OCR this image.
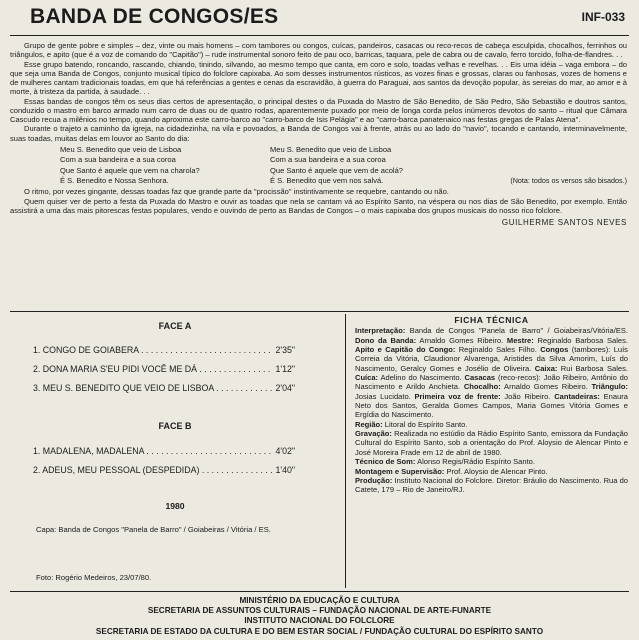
BANDA DE CONGOS/ES	INF-033

Grupo de gente pobre e simples – dez, vinte ou mais homens – com tambores ou congos, cuícas, pandeiros, casacas ou reco-recos de cabeça esculpida, chocalhos, ferrinhos ou triângulos, e apito (que é a voz de comando do "Capitão") – rude instrumental sonoro feito de pau oco, barricas, taquara, pele de cabra ou de cavalo, ferro torcido, folha-de-flandres. . .

Esse grupo batendo, roncando, rascando, chiando, tinindo, silvando, ao mesmo tempo que canta, em coro e solo, toadas velhas e revelhas. . . Eis uma idéia – vaga embora – do que seja uma Banda de Congos, conjunto musical típico do folclore capixaba. Ao som desses instrumentos rústicos, as vozes finas e grossas, claras ou fanhosas, vozes de homens e de mulheres cantam tradicionais toadas, em que há referências a gentes e cenas da escravidão, à guerra do Paraguai, aos santos da devoção popular, às sereias do mar, ao amor e à morte, à tristeza da partida, à saudade. . .

Essas bandas de congos têm os seus dias certos de apresentação, o principal destes o da Puxada do Mastro de São Benedito, de São Pedro, São Sebastião e doutros santos, conduzido o mastro em barco armado num carro de duas ou de quatro rodas, aparentemente puxado por meio de longa corda pelos inúmeros devotos do santo – ritual que Câmara Cascudo recua a milênios no tempo, quando aproxima este carro-barco ao "carro-barco de Isis Pelágia" e ao "carro-barca panatenaico nas festas gregas de Palas Atena".

Durante o trajeto a caminho da igreja, na cidadezinha, na vila e povoados, a Banda de Congos vai à frente, atrás ou ao lado do "navio", tocando e cantando, interminavelmente, suas toadas, muitas delas em louvor ao Santo do dia:

Meu S. Benedito que veio de Lisboa
Com a sua bandeira e a sua coroa
Que Santo é aquele que vem na charola?
É S. Benedito e Nossa Senhora.
Meu S. Benedito que veio de Lisboa
Com a sua bandeira e a sua coroa
Que Santo é aquele que vem de acolá?
É S. Benedito que vem nos salvá.	(Nota: todos os versos são bisados.)

O ritmo, por vezes gingante, dessas toadas faz que grande parte da "procissão" instintivamente se requebre, cantando ou não.

Quem quiser ver de perto a festa da Puxada do Mastro e ouvir as toadas que nela se cantam vá ao Espírito Santo, na véspera ou nos dias de São Benedito, por exemplo. Então assistirá a uma das mais pitorescas festas populares, vendo e ouvindo de perto as Bandas de Congos – o mais capixaba dos grupos musicais do nosso rico folclore.

GUILHERME SANTOS NEVES
FACE A
1. CONGO DE GOIABERA . . .	2'35"
2. DONA MARIA S'EU PIDI VOCÊ ME DÁ . . .	1'12"
3. MEU S. BENEDITO QUE VEIO DE LISBOA . . .	2'04"
FACE B
1. MADALENA, MADALENA . . .	4'02"
2. ADEUS, MEU PESSOAL (DESPEDIDA) . . .	1'40"
1980
Capa: Banda de Congos "Panela de Barro" / Goiabeiras / Vitória / ES.
Foto: Rogério Medeiros, 23/07/80.
FICHA TÉCNICA

Interpretação: Banda de Congos "Panela de Barro" / Goiabeiras/Vitória/ES. Dono da Banda: Arnaldo Gomes Ribeiro. Mestre: Reginaldo Barbosa Sales. Apito e Capitão do Congo: Reginaldo Sales Filho. Congos (tambores): Luís Correia da Vitória, Claudionor Alvarenga, Aristides da Silva Amorim, Luís do Nascimento, Geralcy Gomes e Josélio de Oliveira. Caixa: Rui Barbosa Sales. Cuíca: Adelino do Nascimento. Casacas (reco-recos): João Ribeiro, Antônio do Nascimento e Arildo Anchieta. Chocalho: Arnaldo Gomes Ribeiro. Triângulo: Josias Lucidato. Primeira voz de frente: João Ribeiro. Cantadeiras: Enaura Neto dos Santos, Geralda Gomes Campos, Maria Gomes Vitória Gomes e Ergídia do Nascimento.

Região: Litoral do Espírito Santo.

Gravação: Realizada no estúdio da Rádio Espírito Santo, emissora da Fundação Cultural do Espírito Santo, sob a orientação do Prof. Aloysio de Alencar Pinto e José Moreira Frade em 12 de abril de 1980.

Técnico de Som: Alonso Regis/Rádio Espírito Santo.

Montagem e Supervisão: Prof. Aloysio de Alencar Pinto.

Produção: Instituto Nacional do Folclore. Diretor: Bráulio do Nascimento. Rua do Catete, 179 – Rio de Janeiro/RJ.

MINISTÉRIO DA EDUCAÇÃO E CULTURA
SECRETARIA DE ASSUNTOS CULTURAIS – FUNDAÇÃO NACIONAL DE ARTE-FUNARTE
INSTITUTO NACIONAL DO FOLCLORE
SECRETARIA DE ESTADO DA CULTURA E DO BEM ESTAR SOCIAL / FUNDAÇÃO CULTURAL DO ESPÍRITO SANTO
